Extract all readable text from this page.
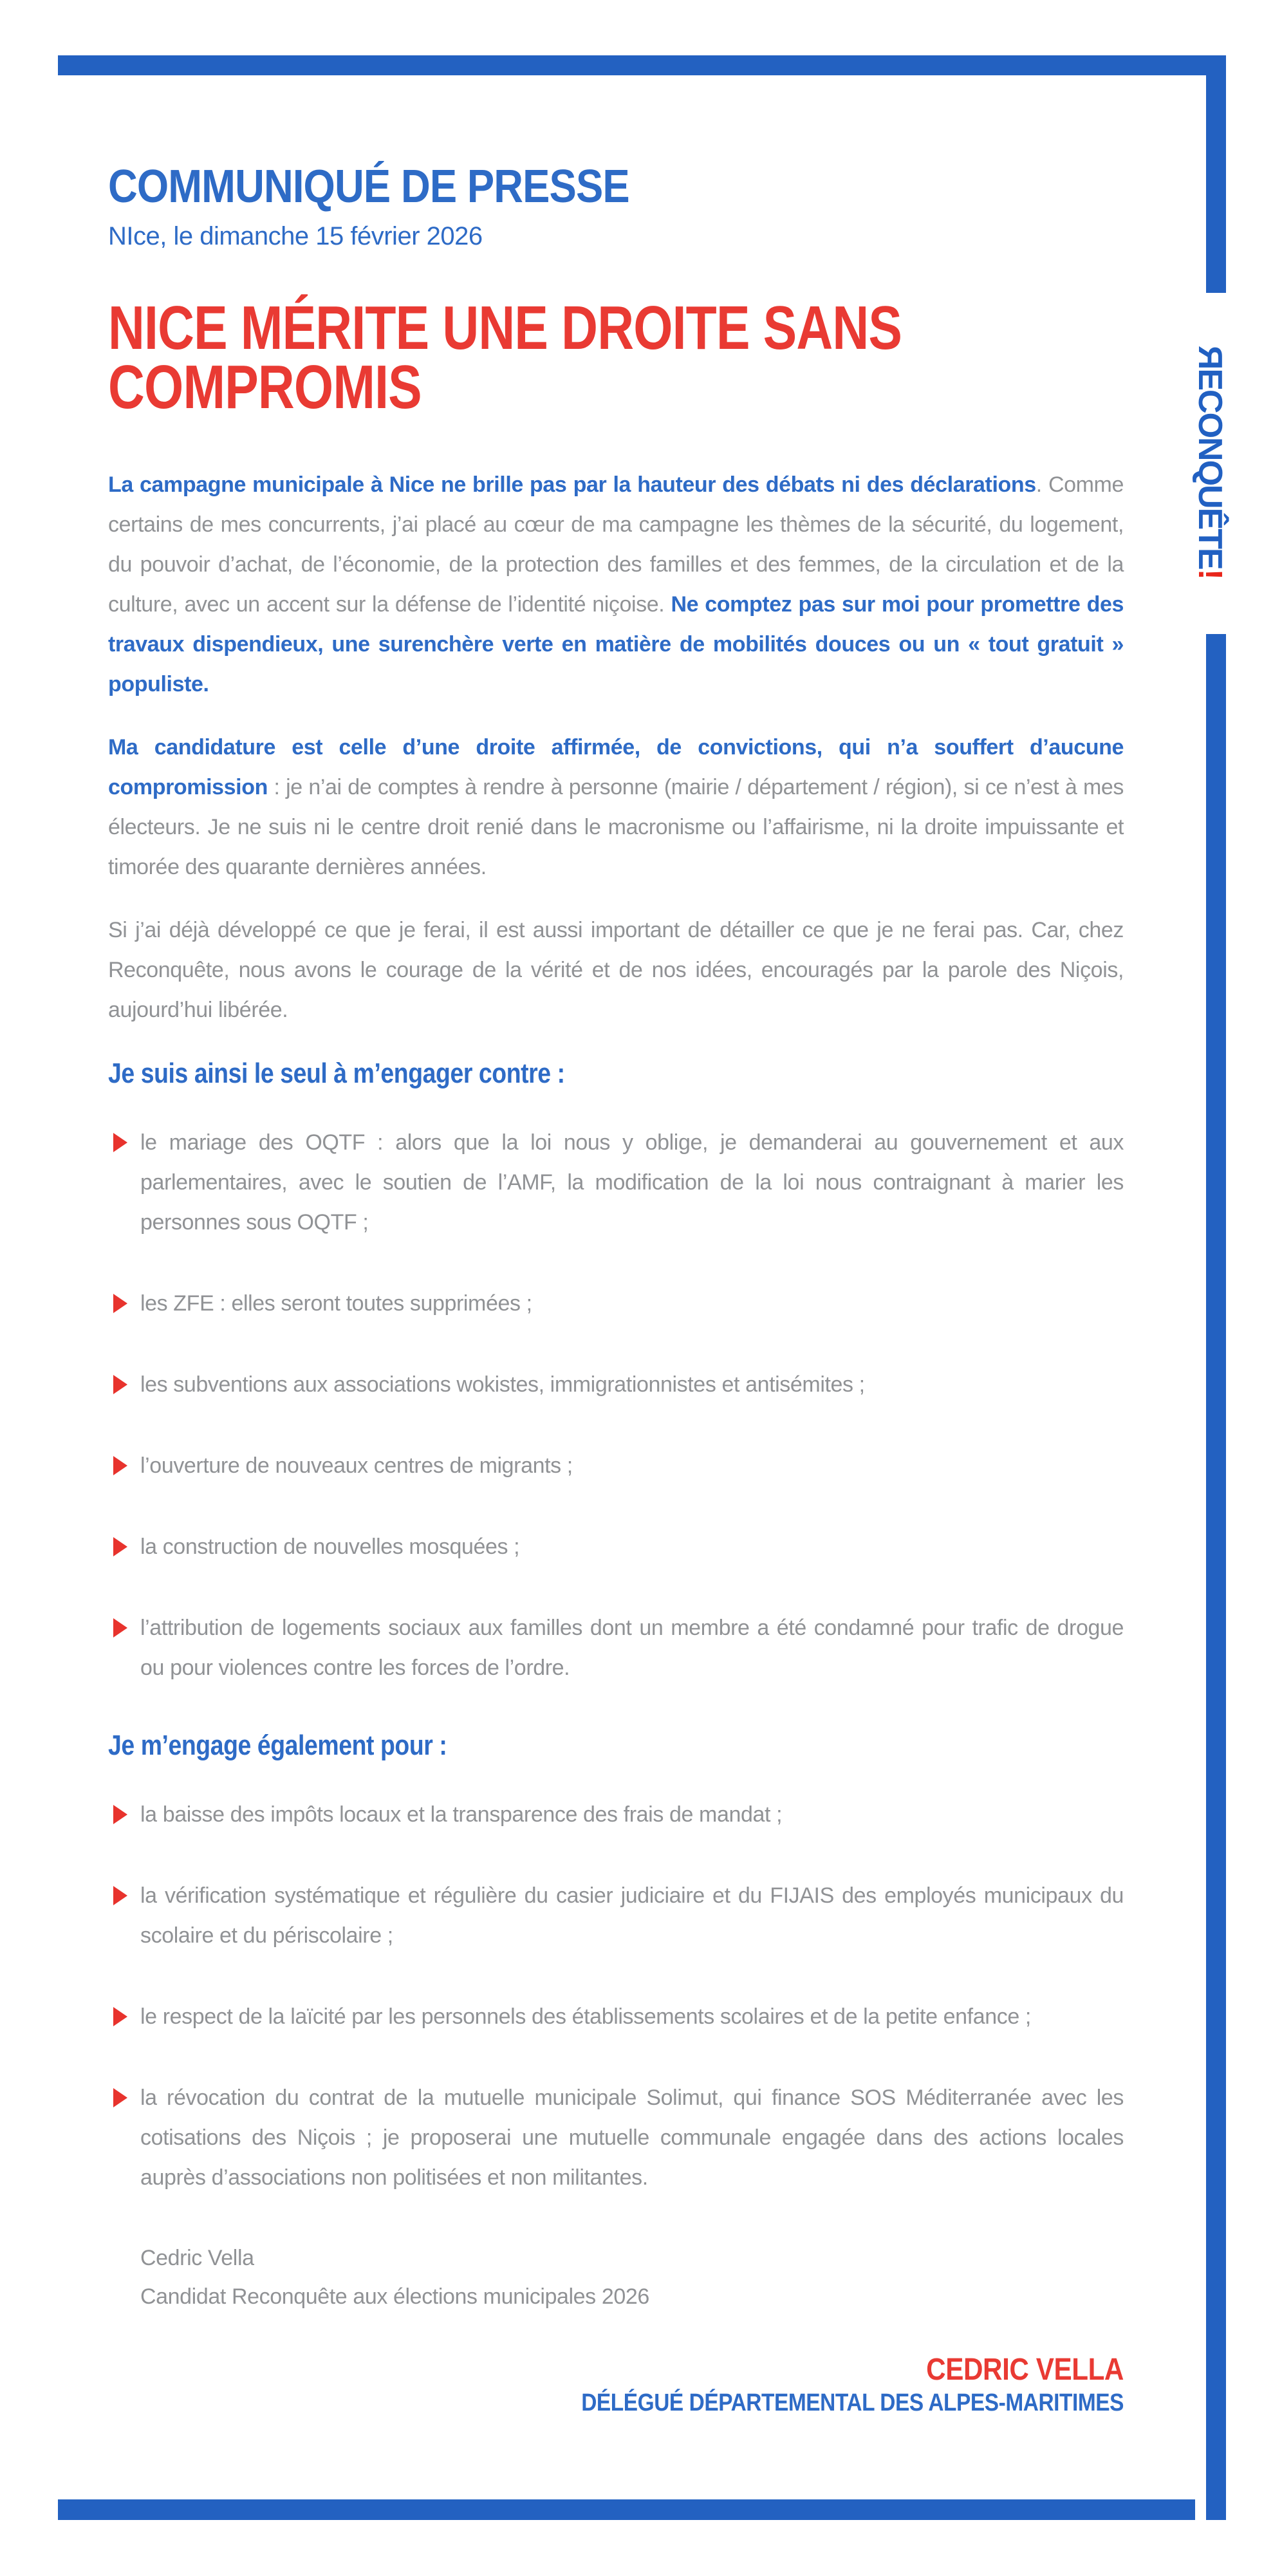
ЯECONQUÊTE!
COMMUNIQUÉ DE PRESSE
NIce, le dimanche 15 février 2026
NICE MÉRITE UNE DROITE SANS
COMPROMIS

La campagne municipale à Nice ne brille pas par la hauteur des débats ni des déclarations. Comme certains de mes concurrents, j’ai placé au cœur de ma campagne les thèmes de la sécurité, du logement, du pouvoir d’achat, de l’économie, de la protection des familles et des femmes, de la circulation et de la culture, avec un accent sur la défense de l’identité niçoise. Ne comptez pas sur moi pour promettre des travaux dispendieux, une surenchère verte en matière de mobilités douces ou un « tout gratuit » populiste.

Ma candidature est celle d’une droite affirmée, de convictions, qui n’a souffert d’aucune compromission : je n’ai de comptes à rendre à personne (mairie / département / région), si ce n’est à mes électeurs. Je ne suis ni le centre droit renié dans le macronisme ou l’affairisme, ni la droite impuissante et timorée des quarante dernières années.

Si j’ai déjà développé ce que je ferai, il est aussi important de détailler ce que je ne ferai pas. Car, chez Reconquête, nous avons le courage de la vérité et de nos idées, encouragés par la parole des Niçois, aujourd’hui libérée.

Je suis ainsi le seul à m’engager contre :
le mariage des OQTF : alors que la loi nous y oblige, je demanderai au gouvernement et aux parlementaires, avec le soutien de l’AMF, la modification de la loi nous contraignant à marier les personnes sous OQTF ;
les ZFE : elles seront toutes supprimées ;
les subventions aux associations wokistes, immigrationnistes et antisémites ;
l’ouverture de nouveaux centres de migrants ;
la construction de nouvelles mosquées ;
l’attribution de logements sociaux aux familles dont un membre a été condamné pour trafic de drogue ou pour violences contre les forces de l’ordre.
Je m’engage également pour :
la baisse des impôts locaux et la transparence des frais de mandat ;
la vérification systématique et régulière du casier judiciaire et du FIJAIS des employés municipaux du scolaire et du périscolaire ;
le respect de la laïcité par les personnels des établissements scolaires et de la petite enfance ;
la révocation du contrat de la mutuelle municipale Solimut, qui finance SOS Méditerranée avec les cotisations des Niçois ; je proposerai une mutuelle communale engagée dans des actions locales auprès d’associations non politisées et non militantes.
Cedric Vella
Candidat Reconquête aux élections municipales 2026
CEDRIC VELLA
DÉLÉGUÉ DÉPARTEMENTAL DES ALPES-MARITIMES
